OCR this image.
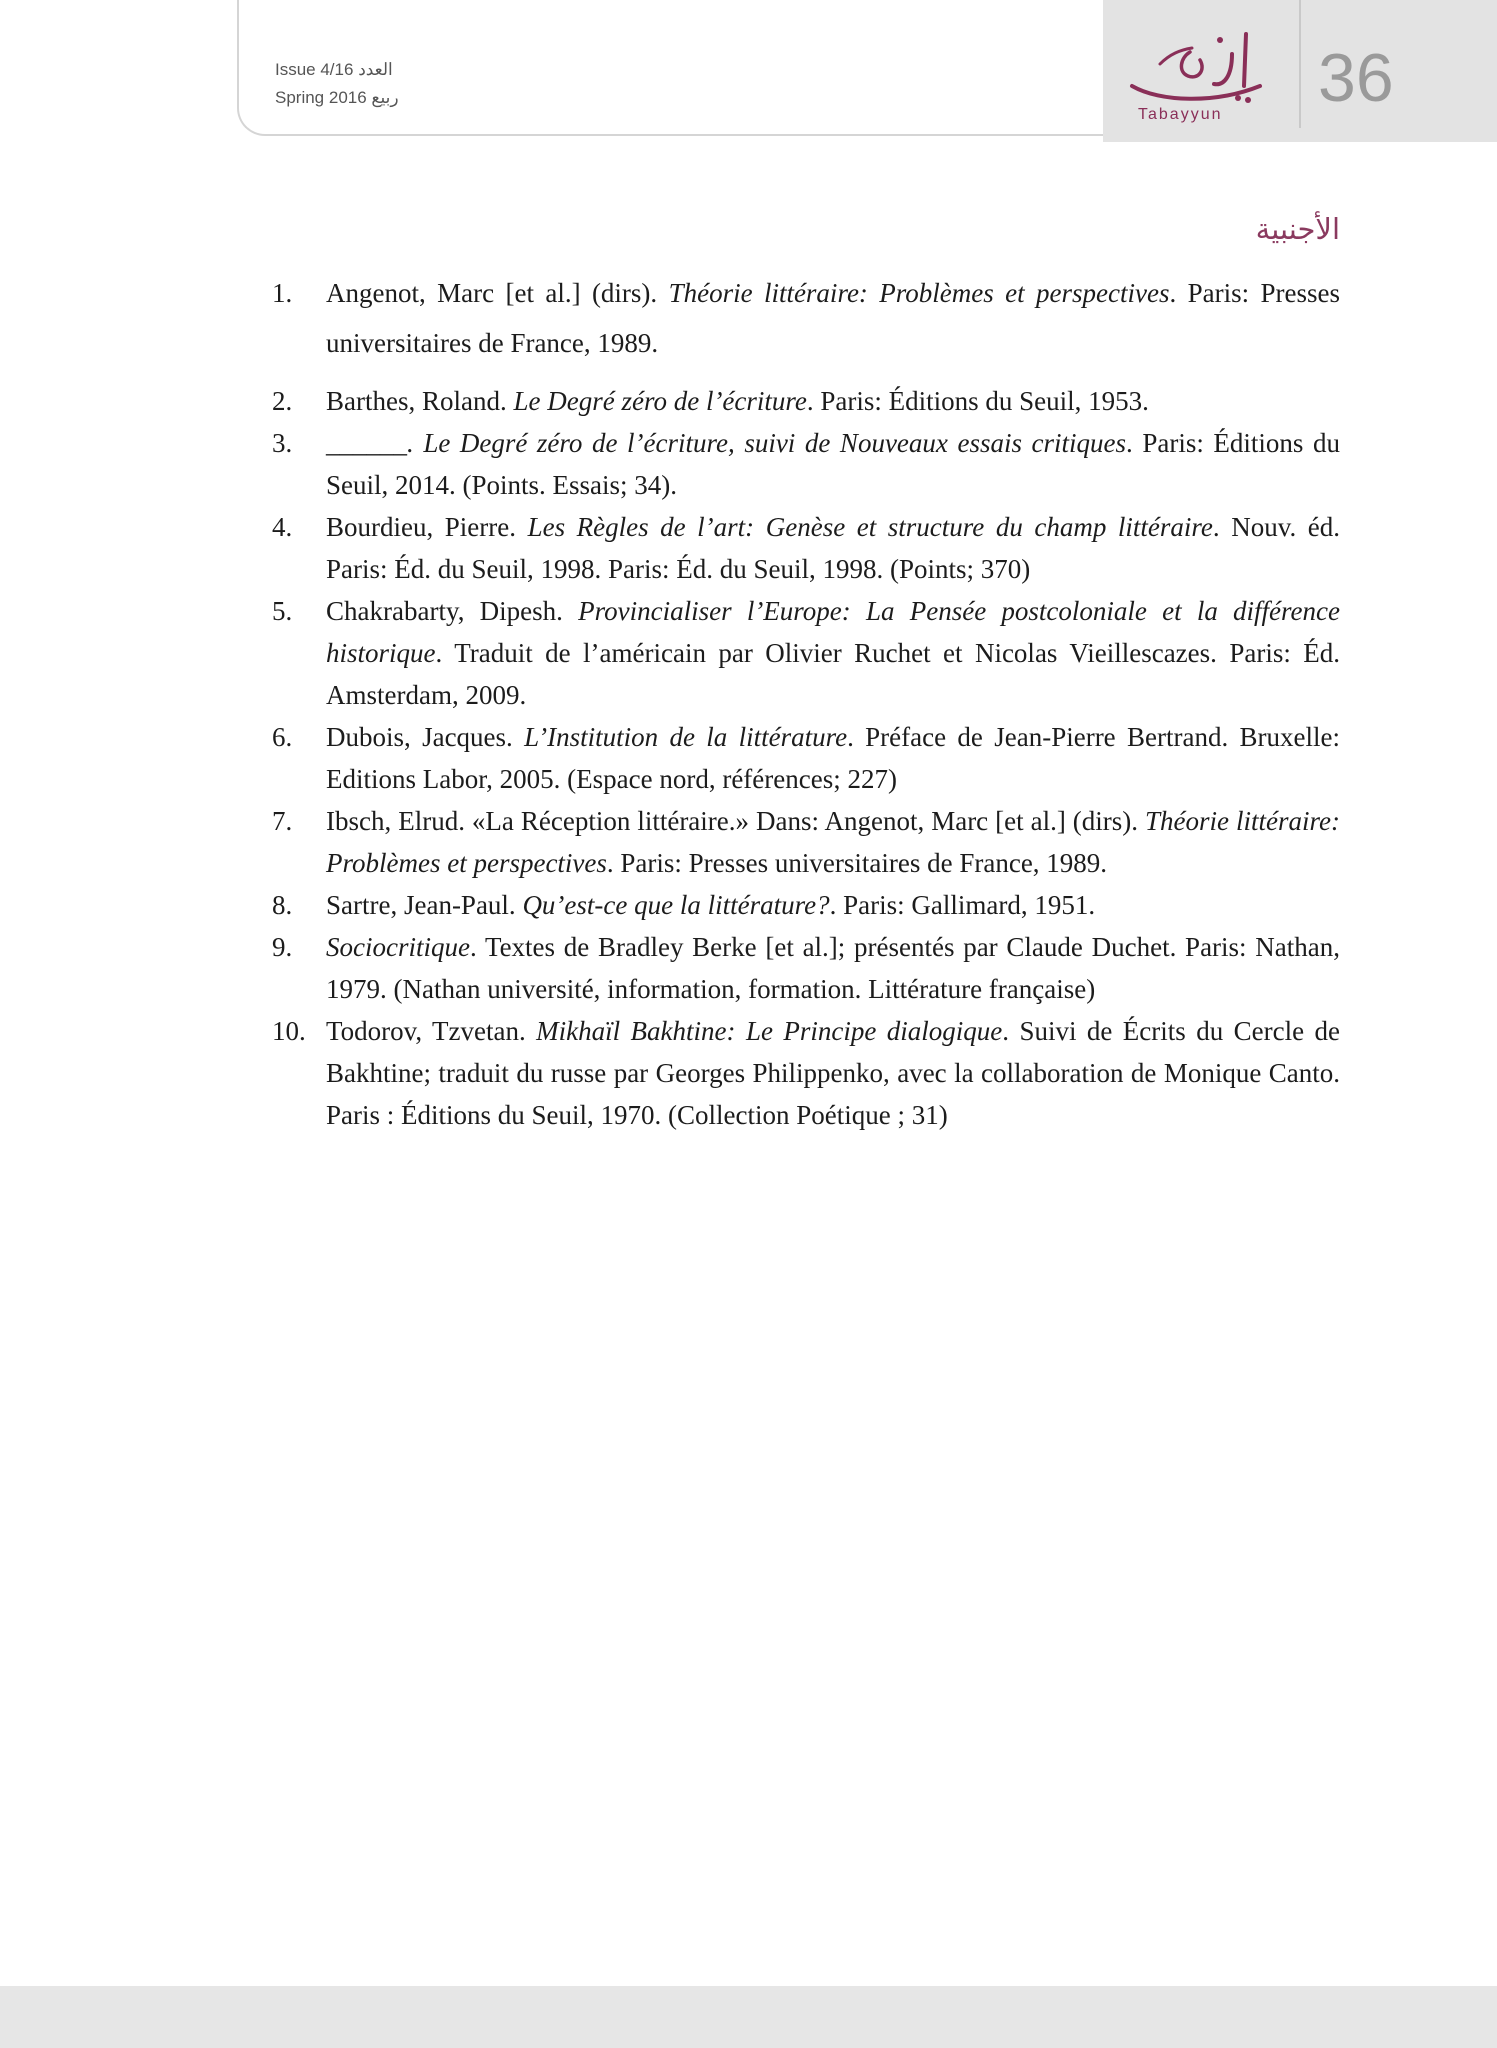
Issue 4/16 العدد
Spring 2016 ربيع
Tabayyun 36
الأجنبية
1. Angenot, Marc [et al.] (dirs). Théorie littéraire: Problèmes et perspectives. Paris: Presses universitaires de France, 1989.
2. Barthes, Roland. Le Degré zéro de l’écriture. Paris: Éditions du Seuil, 1953.
3. ______. Le Degré zéro de l’écriture, suivi de Nouveaux essais critiques. Paris: Éditions du Seuil, 2014. (Points. Essais; 34).
4. Bourdieu, Pierre. Les Règles de l’art: Genèse et structure du champ littéraire. Nouv. éd. Paris: Éd. du Seuil, 1998. Paris: Éd. du Seuil, 1998. (Points; 370)
5. Chakrabarty, Dipesh. Provincialiser l’Europe: La Pensée postcoloniale et la différence historique. Traduit de l’américain par Olivier Ruchet et Nicolas Vieillescazes. Paris: Éd. Amsterdam, 2009.
6. Dubois, Jacques. L’Institution de la littérature. Préface de Jean-Pierre Bertrand. Bruxelle: Editions Labor, 2005. (Espace nord, références; 227)
7. Ibsch, Elrud. «La Réception littéraire.» Dans: Angenot, Marc [et al.] (dirs). Théorie littéraire: Problèmes et perspectives. Paris: Presses universitaires de France, 1989.
8. Sartre, Jean-Paul. Qu’est-ce que la littérature?. Paris: Gallimard, 1951.
9. Sociocritique. Textes de Bradley Berke [et al.]; présentés par Claude Duchet. Paris: Nathan, 1979. (Nathan université, information, formation. Littérature française)
10. Todorov, Tzvetan. Mikhaïl Bakhtine: Le Principe dialogique. Suivi de Écrits du Cercle de Bakhtine; traduit du russe par Georges Philippenko, avec la collaboration de Monique Canto. Paris : Éditions du Seuil, 1970. (Collection Poétique ; 31)
